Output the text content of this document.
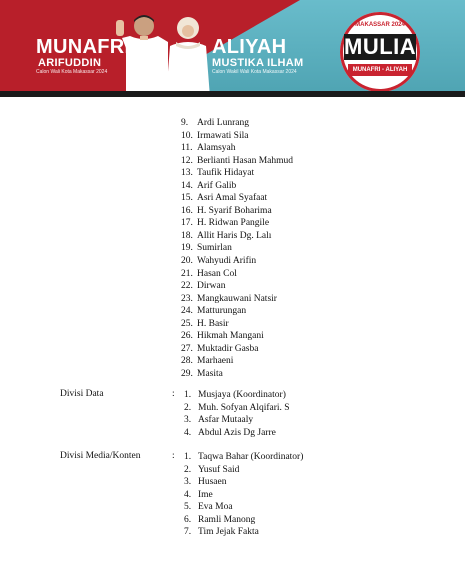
MUNAFRI
ARIFUDDIN
Calon Wali Kota Makassar 2024
ALIYAH
MUSTIKA ILHAM
Calon Wakil Wali Kota Makassar 2024
MAKASSAR 2024
MULIA
MUNAFRI - ALIYAH
9. Ardi Lunrang
10. Irmawati Sila
11. Alamsyah
12. Berlianti Hasan Mahmud
13. Taufik Hidayat
14. Arif Galib
15. Asri Amal Syafaat
16. H. Syarif Boharima
17. H. Ridwan Pangile
18. Allit Haris Dg. Lalı
19. Sumirlan
20. Wahyudi Arifin
21. Hasan Col
22. Dirwan
23. Mangkauwani Natsir
24. Matturungan
25. H. Basir
26. Hikmah Mangani
27. Muktadir Gasba
28. Marhaeni
29. Masita
Divisi Data	: 1. Musjaya (Koordinator)
2. Muh. Sofyan Alqifari. S
3. Asfar Mutaaly
4. Abdul Azis Dg Jarre
Divisi Media/Konten	: 1. Taqwa Bahar (Koordinator)
2. Yusuf Said
3. Husaen
4. Ime
5. Eva Moa
6. Ramli Manong
7. Tim Jejak Fakta
